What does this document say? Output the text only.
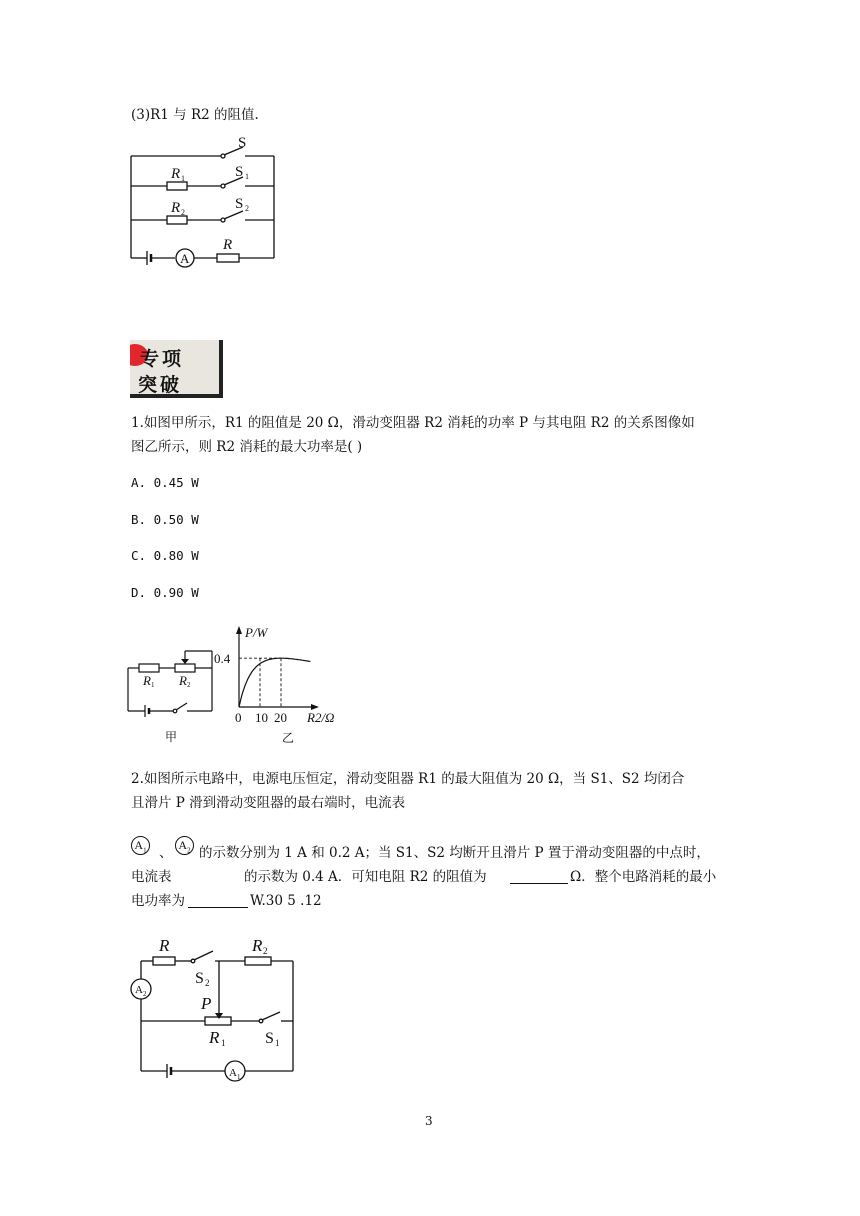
(3)R1 与 R2 的阻值.
S
R 1	S 1
R 2
S 2
A
R
专项
突破
1.如图甲所示，R1 的阻值是 20 Ω，滑动变阻器 R2 消耗的功率 P 与其电阻 R2 的关系图像如
图乙所示，则 R2 消耗的最大功率是( )
A. 0.45 W
B. 0.50 W
C. 0.80 W
D. 0.90 W
R 1 R 2
甲
P/W
0.4
0 10 20 R2/Ω
乙
2.如图所示电路中，电源电压恒定，滑动变阻器 R1 的最大阻值为 20 Ω，当 S1、S2 均闭合
且滑片 P 滑到滑动变阻器的最右端时，电流表
$A_1$ 、 $A_2$ 的示数分别为 1 A 和 0.2 A；当 S1、S2 均断开且滑片 P 置于滑动变阻器的中点时，
电流表	的示数为 0.4 A．可知电阻 R2 的阻值为	Ω．整个电路消耗的最小
电功率为	W.30 5 .12
R	R 2
S 2
A 2	P
R 1 S 1
A 1
3
